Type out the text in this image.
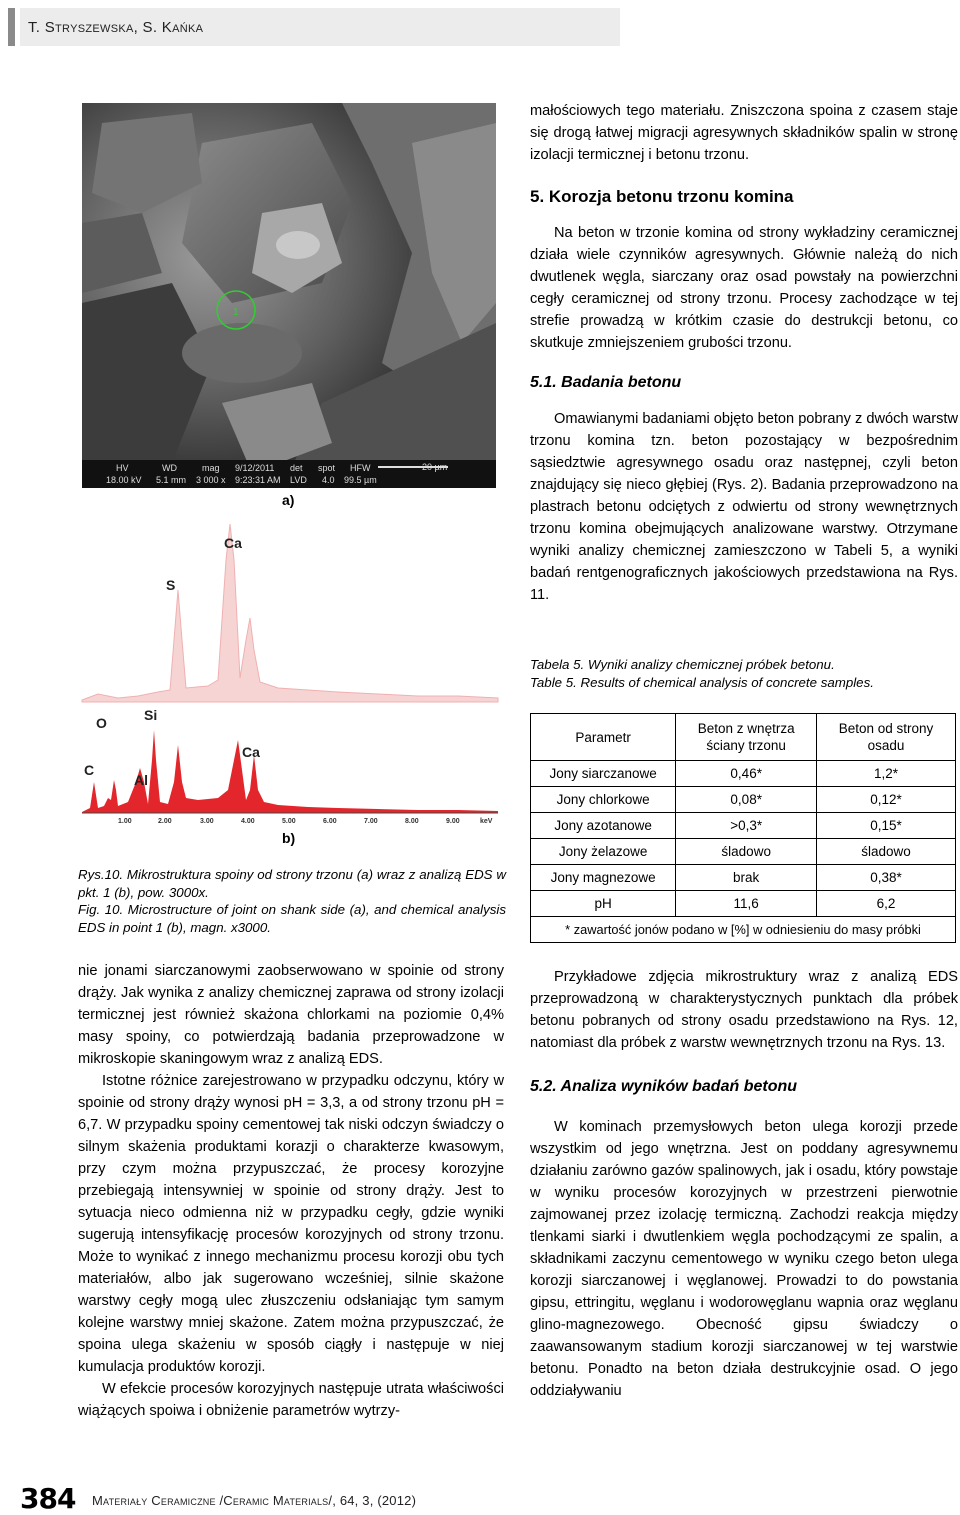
T. Stryszewska, S. Kańka
1
HV	WD	mag 9/12/2011 det spot HFW
18.00 kV 5.1 mm 3 000 x 9:23:31 AM LVD 4.0 99.5 µm
20 µm
a)
S
Ca
O	Si
C
Al
Ca
1.00	2.00	3.00	4.00	5.00	6.00	7.00	8.00	9.00	keV
b)
Rys.10. Mikrostruktura spoiny od strony trzonu (a) wraz z analizą EDS w pkt. 1 (b), pow. 3000x.
Fig. 10. Microstructure of joint on shank side (a), and chemical analysis EDS in point 1 (b), magn. x3000.

nie jonami siarczanowymi zaobserwowano w spoinie od strony drąży. Jak wynika z analizy chemicznej zaprawa od strony izolacji termicznej jest również skażona chlorkami na poziomie 0,4% masy spoiny, co potwierdzają badania przeprowadzone w mikroskopie skaningowym wraz z analizą EDS.

Istotne różnice zarejestrowano w przypadku odczynu, który w spoinie od strony drąży wynosi pH = 3,3, a od strony trzonu pH = 6,7. W przypadku spoiny cementowej tak niski odczyn świadczy o silnym skażenia produktami korazji o charakterze kwasowym, przy czym można przypuszczać, że procesy korozyjne przebiegają intensywniej w spoinie od strony drąży. Jest to sytuacja nieco odmienna niż w przypadku cegły, gdzie wyniki sugerują intensyfikację procesów korozyjnych od strony trzonu. Może to wynikać z innego mechanizmu procesu korozji obu tych materiałów, albo jak sugerowano wcześniej, silnie skażone warstwy cegły mogą ulec złuszczeniu odsłaniając tym samym kolejne warstwy mniej skażone. Zatem można przypuszczać, że spoina ulega skażeniu w sposób ciągły i następuje w niej kumulacja produktów korozji.

W efekcie procesów korozyjnych następuje utrata właściwości wiążących spoiwa i obniżenie parametrów wytrzy-

małościowych tego materiału. Zniszczona spoina z czasem staje się drogą łatwej migracji agresywnych składników spalin w stronę izolacji termicznej i betonu trzonu.

5. Korozja betonu trzonu komina

Na beton w trzonie komina od strony wykładziny ceramicznej działa wiele czynników agresywnych. Głównie należą do nich dwutlenek węgla, siarczany oraz osad powstały na powierzchni cegły ceramicznej od strony trzonu. Procesy zachodzące w tej strefie prowadzą w krótkim czasie do destrukcji betonu, co skutkuje zmniejszeniem grubości trzonu.

5.1. Badania betonu

Omawianymi badaniami objęto beton pobrany z dwóch warstw trzonu komina tzn. beton pozostający w bezpośrednim sąsiedztwie agresywnego osadu oraz następnej, czyli beton znajdujący się nieco głębiej (Rys. 2). Badania przeprowadzono na plastrach betonu odciętych z odwiertu od strony wewnętrznych trzonu komina obejmujących analizowane warstwy. Otrzymane wyniki analizy chemicznej zamieszczono w Tabeli 5, a wyniki badań rentgenograficznych jakościowych przedstawiona na Rys. 11.

Tabela 5. Wyniki analizy chemicznej próbek betonu.
Table 5. Results of chemical analysis of concrete samples.
Parametr	Beton z wnętrza ściany trzonu	Beton od strony osadu
Jony siarczanowe	0,46*	1,2*
Jony chlorkowe	0,08*	0,12*
Jony azotanowe	>0,3*	0,15*
Jony żelazowe	śladowo	śladowo
Jony magnezowe	brak	0,38*
pH	11,6	6,2
* zawartość jonów podano w [%] w odniesieniu do masy próbki		

Przykładowe zdjęcia mikrostruktury wraz z analizą EDS przeprowadzoną w charakterystycznych punktach dla próbek betonu pobranych od strony osadu przedstawiono na Rys. 12, natomiast dla próbek z warstw wewnętrznych trzonu na Rys. 13.

5.2. Analiza wyników badań betonu

W kominach przemysłowych beton ulega korozji przede wszystkim od jego wnętrzna. Jest on poddany agresywnemu działaniu zarówno gazów spalinowych, jak i osadu, który powstaje w wyniku procesów korozyjnych w przestrzeni pierwotnie zajmowanej przez izolację termiczną. Zachodzi reakcja między tlenkami siarki i dwutlenkiem węgla pochodzącymi ze spalin, a składnikami zaczynu cementowego w wyniku czego beton ulega korozji siarczanowej i węglanowej. Prowadzi to do powstania gipsu, ettringitu, węglanu i wodorowęglanu wapnia oraz węglanu glino-magnezowego. Obecność gipsu świadczy o zaawansowanym stadium korozji siarczanowej w tej warstwie betonu. Ponadto na beton działa destrukcyjnie osad. O jego oddziaływaniu

384 Materiały Ceramiczne /Ceramic Materials/, 64, 3, (2012)
